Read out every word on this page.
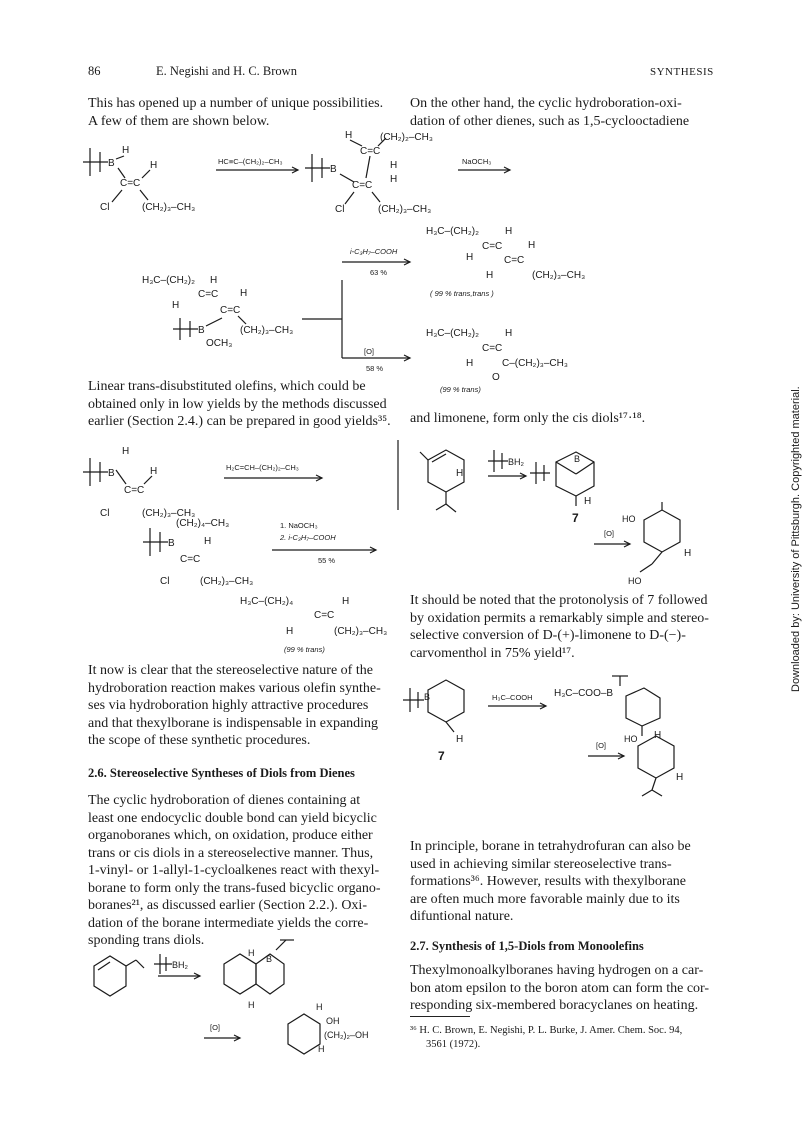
86	E. Negishi and H. C. Brown	SYNTHESIS
This has opened up a number of unique possibilities.
A few of them are shown below.
Linear trans-disubstituted olefins, which could be
obtained only in low yields by the methods discussed
earlier (Section 2.4.) can be prepared in good yields³⁵.
It now is clear that the stereoselective nature of the
hydroboration reaction makes various olefin synthe-
ses via hydroboration highly attractive procedures
and that thexylborane is indispensable in expanding
the scope of these synthetic procedures.
2.6. Stereoselective Syntheses of Diols from Dienes
The cyclic hydroboration of dienes containing at
least one endocyclic double bond can yield bicyclic
organoboranes which, on oxidation, produce either
trans or cis diols in a stereoselective manner. Thus,
1-vinyl- or 1-allyl-1-cycloalkenes react with thexyl-
borane to form only the trans-fused bicyclic organo-
boranes²¹, as discussed earlier (Section 2.2.). Oxi-
dation of the borane intermediate yields the corre-
sponding trans diols.
On the other hand, the cyclic hydroboration-oxi-
dation of other dienes, such as 1,5-cyclooctadiene
and limonene, form only the cis diols¹⁷·¹⁸.
It should be noted that the protonolysis of 7 followed
by oxidation permits a remarkably simple and stereo-
selective conversion of D-(+)-limonene to D-(−)-
carvomenthol in 75% yield¹⁷.
In principle, borane in tetrahydrofuran can also be
used in achieving similar stereoselective trans-
formations³⁶. However, results with thexylborane
are often much more favorable mainly due to its
difuntional nature.
2.7. Synthesis of 1,5-Diols from Monoolefins
Thexylmonoalkylboranes having hydrogen on a car-
bon atom epsilon to the boron atom can form the cor-
responding six-membered boracyclanes on heating.
³⁶ H. C. Brown, E. Negishi, P. L. Burke, J. Amer. Chem. Soc. 94,
3561 (1972).
Downloaded by: University of Pittsburgh. Copyrighted material.
B
H
H
C=C
Cl	(CH₂)₃–CH₃
HC≡C–(CH₂)₂–CH₃
H	(CH₂)₂–CH₃
C=C
B	H
H
C=C
Cl	(CH₂)₃–CH₃
NaOCH₃
H₃C–(CH₂)₂ H
C=C
H
H
C=C
B
OCH₃
(CH₂)₃–CH₃
i-C₃H₇–COOH
63 %
[O]
58 %
H₃C–(CH₂)₂	H
C=C	H
H	C=C
H	(CH₂)₃–CH₃
( 99 % trans,trans )
H₃C–(CH₂)₂	H
C=C
H	C–(CH₂)₃–CH₃
O
(99 % trans)
B
H
H
C=C
Cl	(CH₂)₃–CH₃
H₂C=CH–(CH₂)₂–CH₃
B
(CH₂)₄–CH₃
H
C=C
Cl	(CH₂)₃–CH₃
1. NaOCH₃
2. i-C₃H₇–COOH
55 %
H₃C–(CH₂)₄	H
C=C
H	(CH₂)₃–CH₃
(99 % trans)
H
BH₂	B
H
7
[O]
HO
HO
H
B
H
7
H₃C–COOH H₃C–COO–B
H
[O]
HO
H
BH₂
H
B
H
[O]
H
OH
(CH₂)₂–OH
H
